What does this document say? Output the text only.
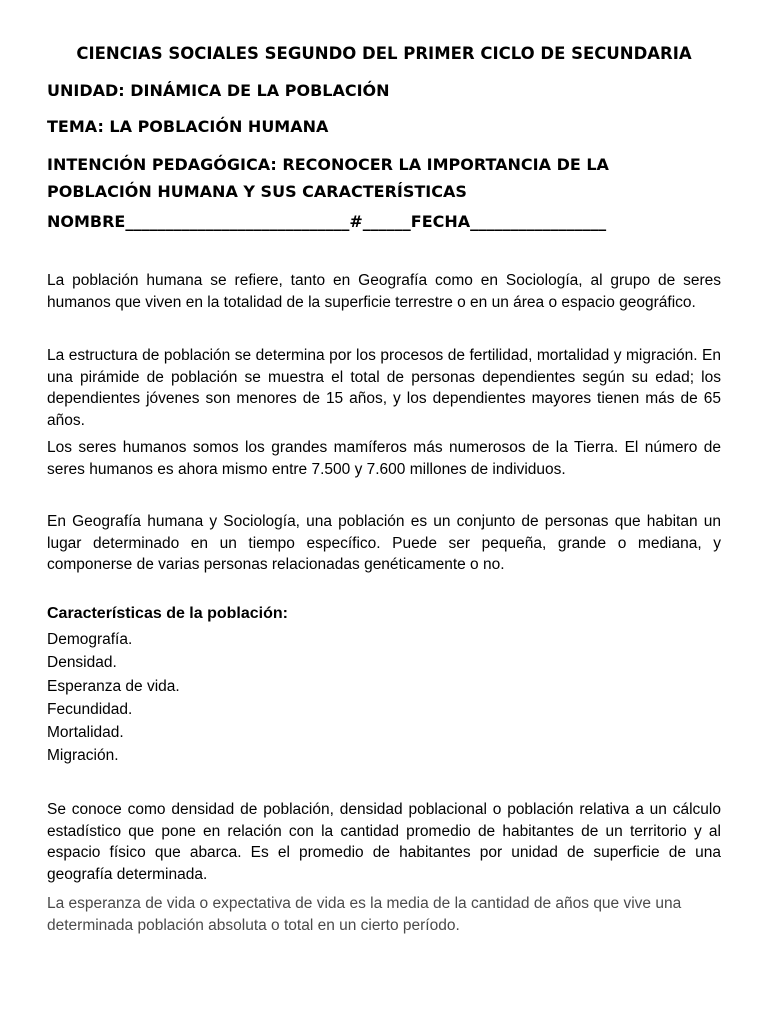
CIENCIAS SOCIALES SEGUNDO DEL PRIMER CICLO DE SECUNDARIA
UNIDAD: DINÁMICA DE LA POBLACIÓN
TEMA: LA POBLACIÓN HUMANA
INTENCIÓN PEDAGÓGICA: RECONOCER LA IMPORTANCIA DE LA POBLACIÓN HUMANA Y SUS CARACTERÍSTICAS
NOMBRE____________________________#______FECHA_________________

La población humana se refiere, tanto en Geografía como en Sociología, al grupo de seres humanos que viven en la totalidad de la superficie terrestre o en un área o espacio geográfico.

La estructura de población se determina por los procesos de fertilidad, mortalidad y migración. En una pirámide de población se muestra el total de personas dependientes según su edad; los dependientes jóvenes son menores de 15 años, y los dependientes mayores tienen más de 65 años.

Los seres humanos somos los grandes mamíferos más numerosos de la Tierra. El número de seres humanos es ahora mismo entre 7.500 y 7.600 millones de individuos.

En Geografía humana y Sociología, una población es un conjunto de personas que habitan un lugar determinado en un tiempo específico. Puede ser pequeña, grande o mediana, y componerse de varias personas relacionadas genéticamente o no.

Características de la población:
Demografía.
Densidad.
Esperanza de vida.
Fecundidad.
Mortalidad.
Migración.

Se conoce como densidad de población, densidad poblacional o población relativa a un cálculo estadístico que pone en relación con la cantidad promedio de habitantes de un territorio y al espacio físico que abarca. Es el promedio de habitantes por unidad de superficie de una geografía determinada.

La esperanza de vida o expectativa de vida es la media de la cantidad de años que vive una determinada población absoluta o total en un cierto período.
